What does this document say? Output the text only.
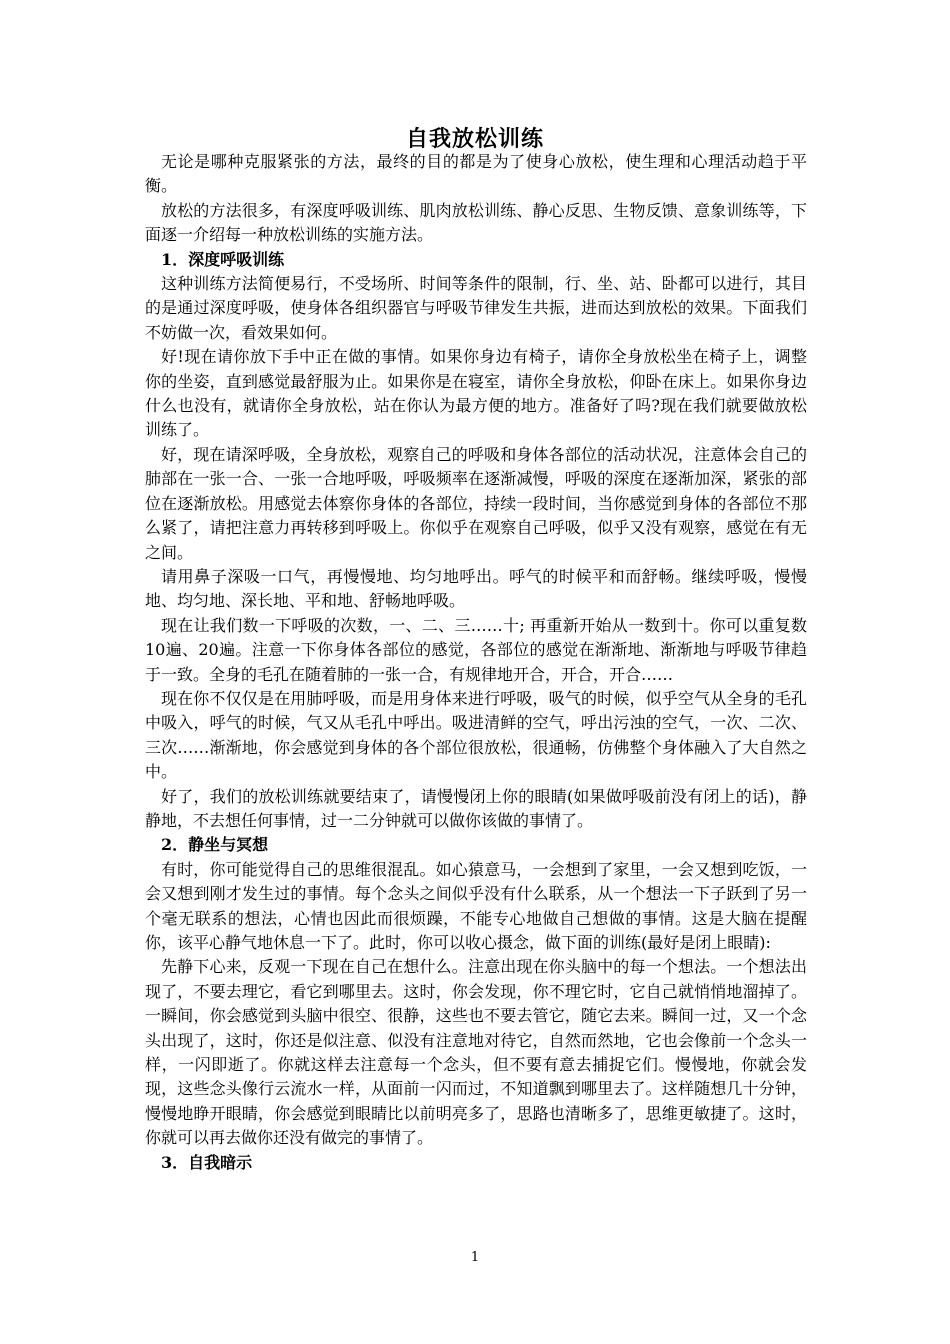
自我放松训练

无论是哪种克服紧张的方法，最终的目的都是为了使身心放松，使生理和心理活动趋于平衡。

放松的方法很多，有深度呼吸训练、肌肉放松训练、静心反思、生物反馈、意象训练等，下面逐一介绍每一种放松训练的实施方法。

1．深度呼吸训练

这种训练方法简便易行，不受场所、时间等条件的限制，行、坐、站、卧都可以进行，其目的是通过深度呼吸，使身体各组织器官与呼吸节律发生共振，进而达到放松的效果。下面我们不妨做一次，看效果如何。

好!现在请你放下手中正在做的事情。如果你身边有椅子，请你全身放松坐在椅子上，调整你的坐姿，直到感觉最舒服为止。如果你是在寝室，请你全身放松，仰卧在床上。如果你身边什么也没有，就请你全身放松，站在你认为最方便的地方。准备好了吗?现在我们就要做放松训练了。

好，现在请深呼吸，全身放松，观察自己的呼吸和身体各部位的活动状况，注意体会自己的肺部在一张一合、一张一合地呼吸，呼吸频率在逐渐减慢，呼吸的深度在逐渐加深，紧张的部位在逐渐放松。用感觉去体察你身体的各部位，持续一段时间，当你感觉到身体的各部位不那么紧了，请把注意力再转移到呼吸上。你似乎在观察自己呼吸，似乎又没有观察，感觉在有无之间。

请用鼻子深吸一口气，再慢慢地、均匀地呼出。呼气的时候平和而舒畅。继续呼吸，慢慢地、均匀地、深长地、平和地、舒畅地呼吸。

现在让我们数一下呼吸的次数，一、二、三……十; 再重新开始从一数到十。你可以重复数10遍、20遍。注意一下你身体各部位的感觉，各部位的感觉在渐渐地、渐渐地与呼吸节律趋于一致。全身的毛孔在随着肺的一张一合，有规律地开合，开合，开合……

现在你不仅仅是在用肺呼吸，而是用身体来进行呼吸，吸气的时候，似乎空气从全身的毛孔中吸入，呼气的时候，气又从毛孔中呼出。吸进清鲜的空气，呼出污浊的空气，一次、二次、三次……渐渐地，你会感觉到身体的各个部位很放松，很通畅，仿佛整个身体融入了大自然之中。

好了，我们的放松训练就要结束了，请慢慢闭上你的眼睛(如果做呼吸前没有闭上的话)，静静地，不去想任何事情，过一二分钟就可以做你该做的事情了。

2．静坐与冥想

有时，你可能觉得自己的思维很混乱。如心猿意马，一会想到了家里，一会又想到吃饭，一会又想到刚才发生过的事情。每个念头之间似乎没有什么联系，从一个想法一下子跃到了另一个毫无联系的想法，心情也因此而很烦躁，不能专心地做自己想做的事情。这是大脑在提醒你，该平心静气地休息一下了。此时，你可以收心摄念，做下面的训练(最好是闭上眼睛):

先静下心来，反观一下现在自己在想什么。注意出现在你头脑中的每一个想法。一个想法出现了，不要去理它，看它到哪里去。这时，你会发现，你不理它时，它自己就悄悄地溜掉了。一瞬间，你会感觉到头脑中很空、很静，这些也不要去管它，随它去来。瞬间一过，又一个念头出现了，这时，你还是似注意、似没有注意地对待它，自然而然地，它也会像前一个念头一样，一闪即逝了。你就这样去注意每一个念头，但不要有意去捕捉它们。慢慢地，你就会发现，这些念头像行云流水一样，从面前一闪而过，不知道飘到哪里去了。这样随想几十分钟，慢慢地睁开眼睛，你会感觉到眼睛比以前明亮多了，思路也清晰多了，思维更敏捷了。这时，你就可以再去做你还没有做完的事情了。

3．自我暗示
1
